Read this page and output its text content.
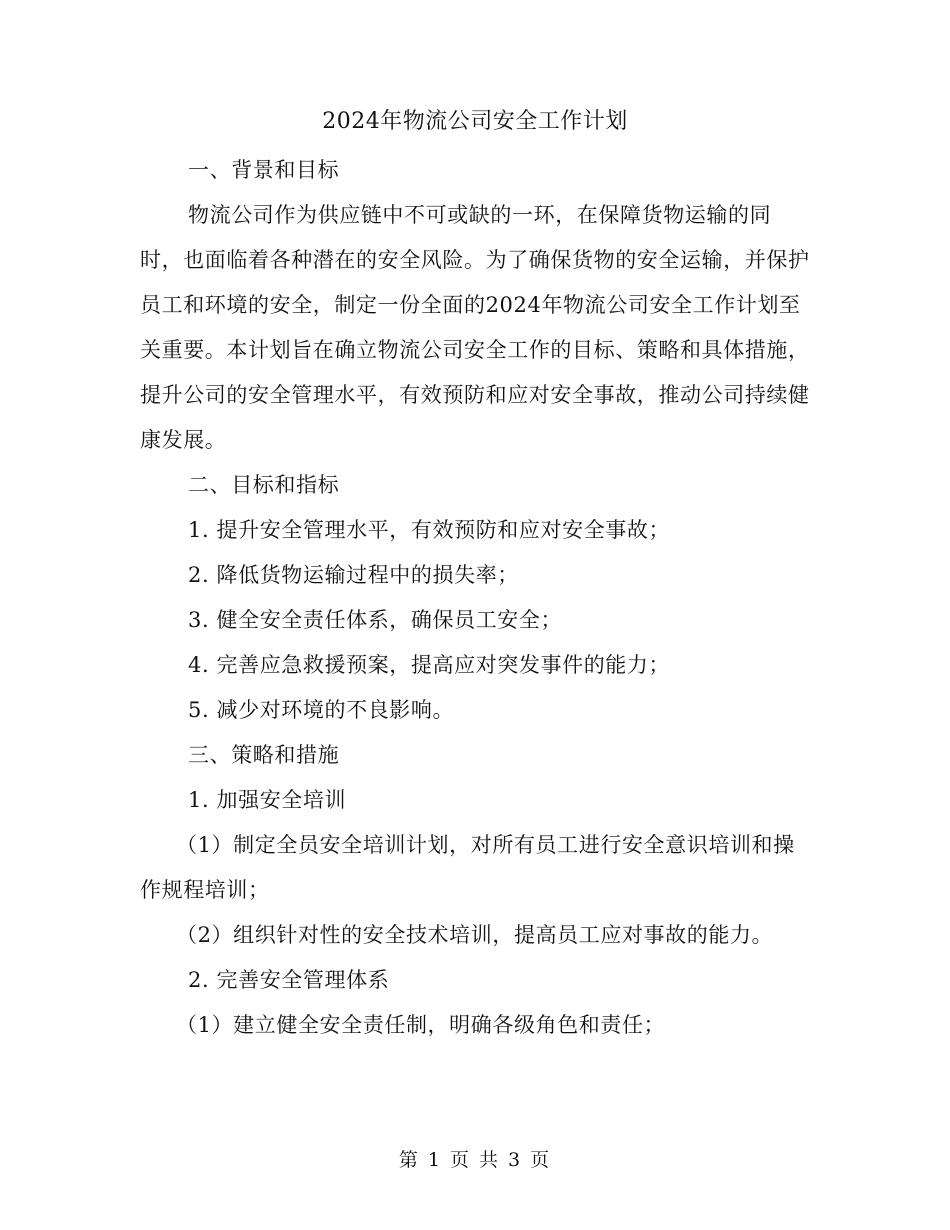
2024年物流公司安全工作计划

一、背景和目标

物流公司作为供应链中不可或缺的一环，在保障货物运输的同时，也面临着各种潜在的安全风险。为了确保货物的安全运输，并保护员工和环境的安全，制定一份全面的2024年物流公司安全工作计划至关重要。本计划旨在确立物流公司安全工作的目标、策略和具体措施，提升公司的安全管理水平，有效预防和应对安全事故，推动公司持续健康发展。

二、目标和指标

1. 提升安全管理水平，有效预防和应对安全事故；

2. 降低货物运输过程中的损失率；

3. 健全安全责任体系，确保员工安全；

4. 完善应急救援预案，提高应对突发事件的能力；

5. 减少对环境的不良影响。

三、策略和措施

1. 加强安全培训

（1）制定全员安全培训计划，对所有员工进行安全意识培训和操作规程培训；

（2）组织针对性的安全技术培训，提高员工应对事故的能力。

2. 完善安全管理体系

（1）建立健全安全责任制，明确各级角色和责任；

第 1 页 共 3 页
